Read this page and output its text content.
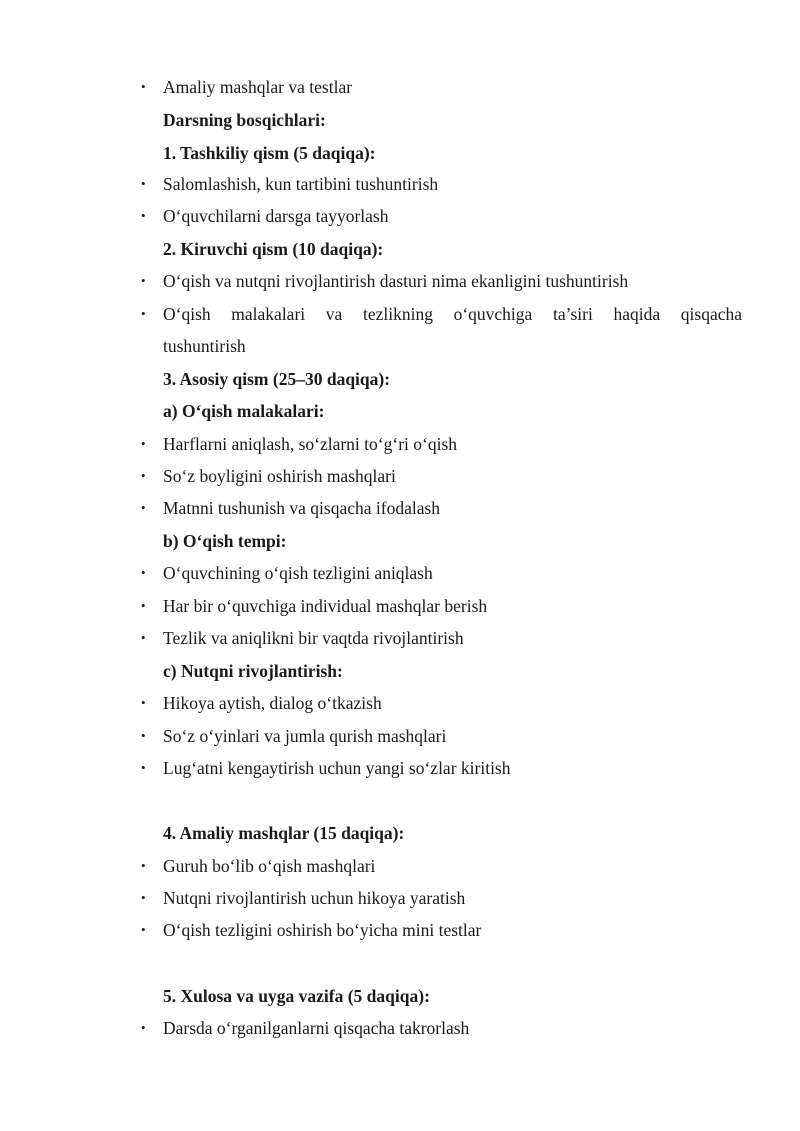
• Amaliy mashqlar va testlar
Darsning bosqichlari:
1. Tashkiliy qism (5 daqiqa):
• Salomlashish, kun tartibini tushuntirish
• O‘quvchilarni darsga tayyorlash
2. Kiruvchi qism (10 daqiqa):
• O‘qish va nutqni rivojlantirish dasturi nima ekanligini tushuntirish
• O‘qish malakalari va tezlikning o‘quvchiga ta’siri haqida qisqacha
tushuntirish
3. Asosiy qism (25–30 daqiqa):
a) O‘qish malakalari:
• Harflarni aniqlash, so‘zlarni to‘g‘ri o‘qish
• So‘z boyligini oshirish mashqlari
• Matnni tushunish va qisqacha ifodalash
b) O‘qish tempi:
• O‘quvchining o‘qish tezligini aniqlash
• Har bir o‘quvchiga individual mashqlar berish
• Tezlik va aniqlikni bir vaqtda rivojlantirish
c) Nutqni rivojlantirish:
• Hikoya aytish, dialog o‘tkazish
• So‘z o‘yinlari va jumla qurish mashqlari
• Lug‘atni kengaytirish uchun yangi so‘zlar kiritish
4. Amaliy mashqlar (15 daqiqa):
• Guruh bo‘lib o‘qish mashqlari
• Nutqni rivojlantirish uchun hikoya yaratish
• O‘qish tezligini oshirish bo‘yicha mini testlar
5. Xulosa va uyga vazifa (5 daqiqa):
• Darsda o‘rganilganlarni qisqacha takrorlash
